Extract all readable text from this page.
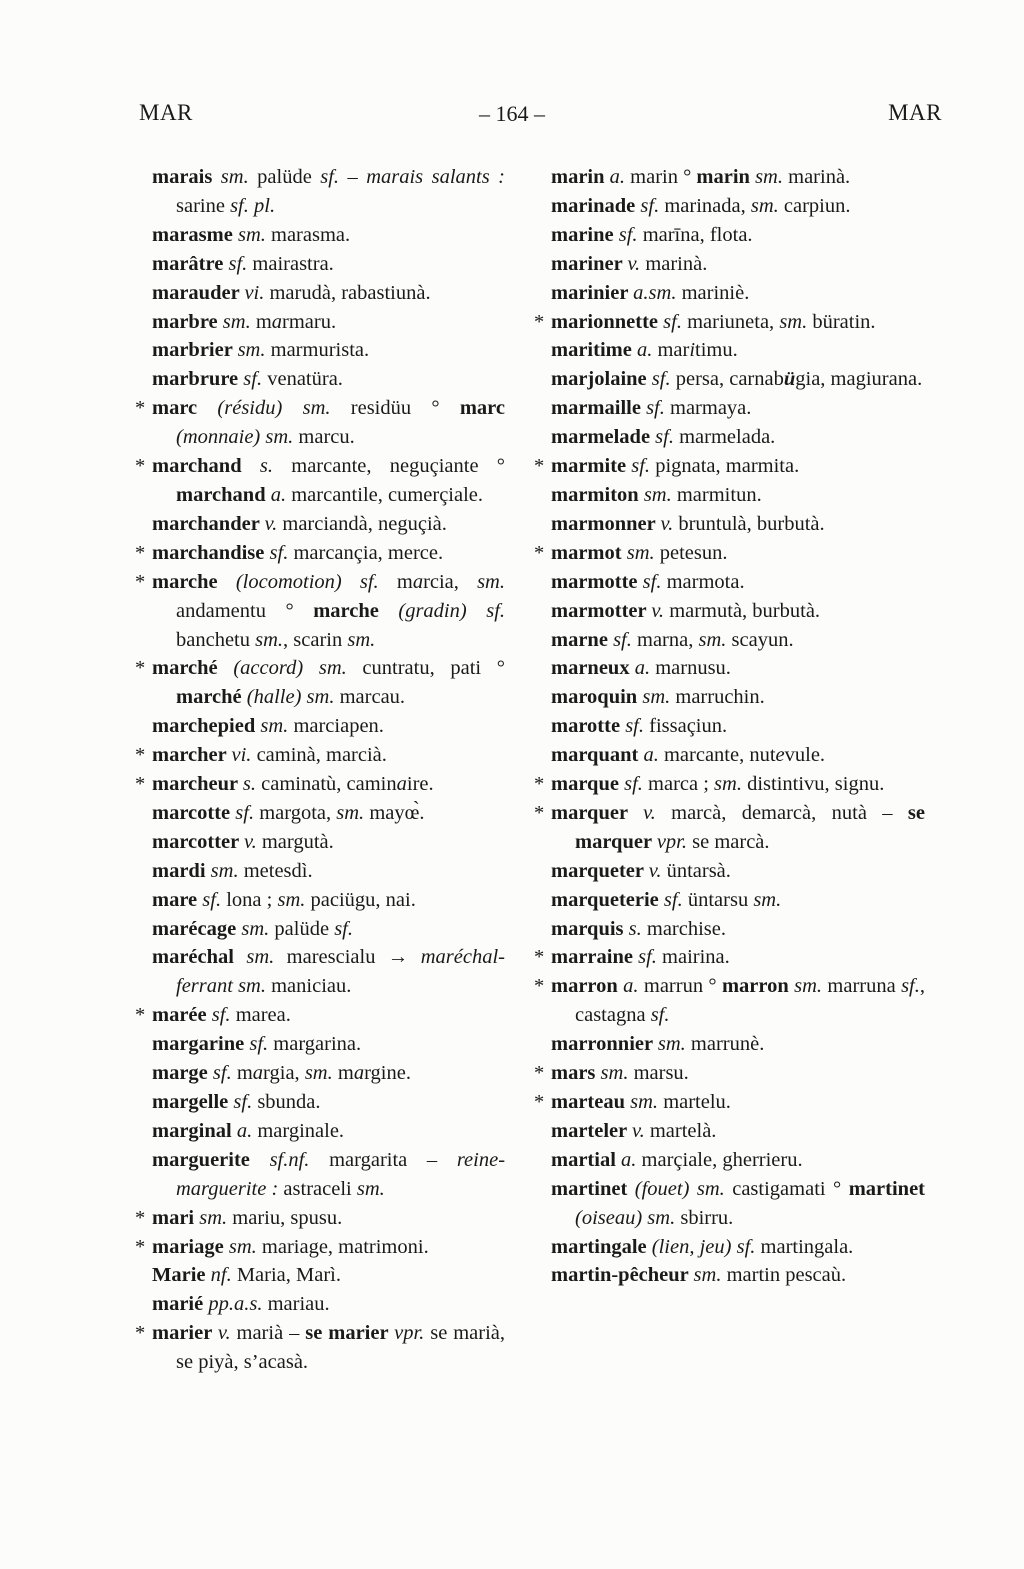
MAR	– 164 –	MAR
marais sm. palüde sf. – marais salants : sarine sf. pl.
marasme sm. marasma.
marâtre sf. mairastra.
marauder vi. marudà, rabastiunà.
marbre sm. marmaru.
marbrier sm. marmurista.
marbrure sf. venatüra.
* marc (résidu) sm. residüu ° marc (monnaie) sm. marcu.
* marchand s. marcante, neguçiante ° marchand a. marcantile, cumerçiale.
marchander v. marciandà, neguçià.
* marchandise sf. marcançia, merce.
* marche (locomotion) sf. marcia, sm. andamentu ° marche (gradin) sf. banchetu sm., scarin sm.
* marché (accord) sm. cuntratu, pati ° marché (halle) sm. marcau.
marchepied sm. marciapen.
* marcher vi. caminà, marcià.
* marcheur s. caminatù, caminaire.
marcotte sf. margota, sm. mayœ̀.
marcotter v. margutà.
mardi sm. metesdì.
mare sf. lona ; sm. paciügu, nai.
marécage sm. palüde sf.
maréchal sm. marescialu → maréchal-ferrant sm. maniciau.
* marée sf. marea.
margarine sf. margarina.
marge sf. margia, sm. margine.
margelle sf. sbunda.
marginal a. marginale.
marguerite sf.nf. margarita – reine-marguerite : astraceli sm.
* mari sm. mariu, spusu.
* mariage sm. mariage, matrimoni.
Marie nf. Maria, Marì.
marié pp.a.s. mariau.
* marier v. marià – se marier vpr. se marià, se piyà, s’acasà.
marin a. marin ° marin sm. marinà.
marinade sf. marinada, sm. carpiun.
marine sf. marīna, flota.
mariner v. marinà.
marinier a.sm. mariniè.
* marionnette sf. mariuneta, sm. büratin.
maritime a. maritimu.
marjolaine sf. persa, carnabügia, magiurana.
marmaille sf. marmaya.
marmelade sf. marmelada.
* marmite sf. pignata, marmita.
marmiton sm. marmitun.
marmonner v. bruntulà, burbutà.
* marmot sm. petesun.
marmotte sf. marmota.
marmotter v. marmutà, burbutà.
marne sf. marna, sm. scayun.
marneux a. marnusu.
maroquin sm. marruchin.
marotte sf. fissaçiun.
marquant a. marcante, nutevule.
* marque sf. marca ; sm. distintivu, signu.
* marquer v. marcà, demarcà, nutà – se marquer vpr. se marcà.
marqueter v. üntarsà.
marqueterie sf. üntarsu sm.
marquis s. marchise.
* marraine sf. mairina.
* marron a. marrun ° marron sm. marruna sf., castagna sf.
marronnier sm. marrunè.
* mars sm. marsu.
* marteau sm. martelu.
marteler v. martelà.
martial a. marçiale, gherrieru.
martinet (fouet) sm. castigamati ° martinet (oiseau) sm. sbirru.
martingale (lien, jeu) sf. martingala.
martin-pêcheur sm. martin pescaù.
